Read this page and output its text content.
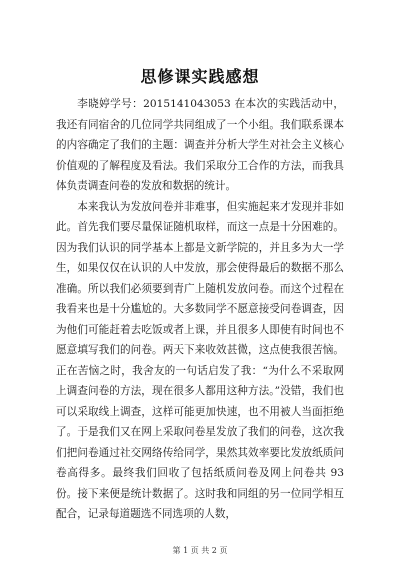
思修课实践感想

李晓婷学号：2015141043053 在本次的实践活动中，我还有同宿舍的几位同学共同组成了一个小组。我们联系课本的内容确定了我们的主题：调查并分析大学生对社会主义核心价值观的了解程度及看法。我们采取分工合作的方法，而我具体负责调查问卷的发放和数据的统计。

本来我认为发放问卷并非难事，但实施起来才发现并非如此。首先我们要尽量保证随机取样，而这一点是十分困难的。因为我们认识的同学基本上都是文新学院的，并且多为大一学生，如果仅仅在认识的人中发放，那会使得最后的数据不那么准确。所以我们必须要到青广上随机发放问卷。而这个过程在我看来也是十分尴尬的。大多数同学不愿意接受问卷调查，因为他们可能赶着去吃饭或者上课，并且很多人即使有时间也不愿意填写我们的问卷。两天下来收效甚微，这点使我很苦恼。正在苦恼之时，我舍友的一句话启发了我：“为什么不采取网上调查问卷的方法，现在很多人都用这种方法。”没错，我们也可以采取线上调查，这样可能更加快速，也不用被人当面拒绝了。于是我们又在网上采取问卷星发放了我们的问卷，这次我们把问卷通过社交网络传给同学，果然其效率要比发放纸质问卷高得多。最终我们回收了包括纸质问卷及网上问卷共 93 份。接下来便是统计数据了。这时我和同组的另一位同学相互配合，记录每道题选不同选项的人数，

第 1 页 共 2 页
